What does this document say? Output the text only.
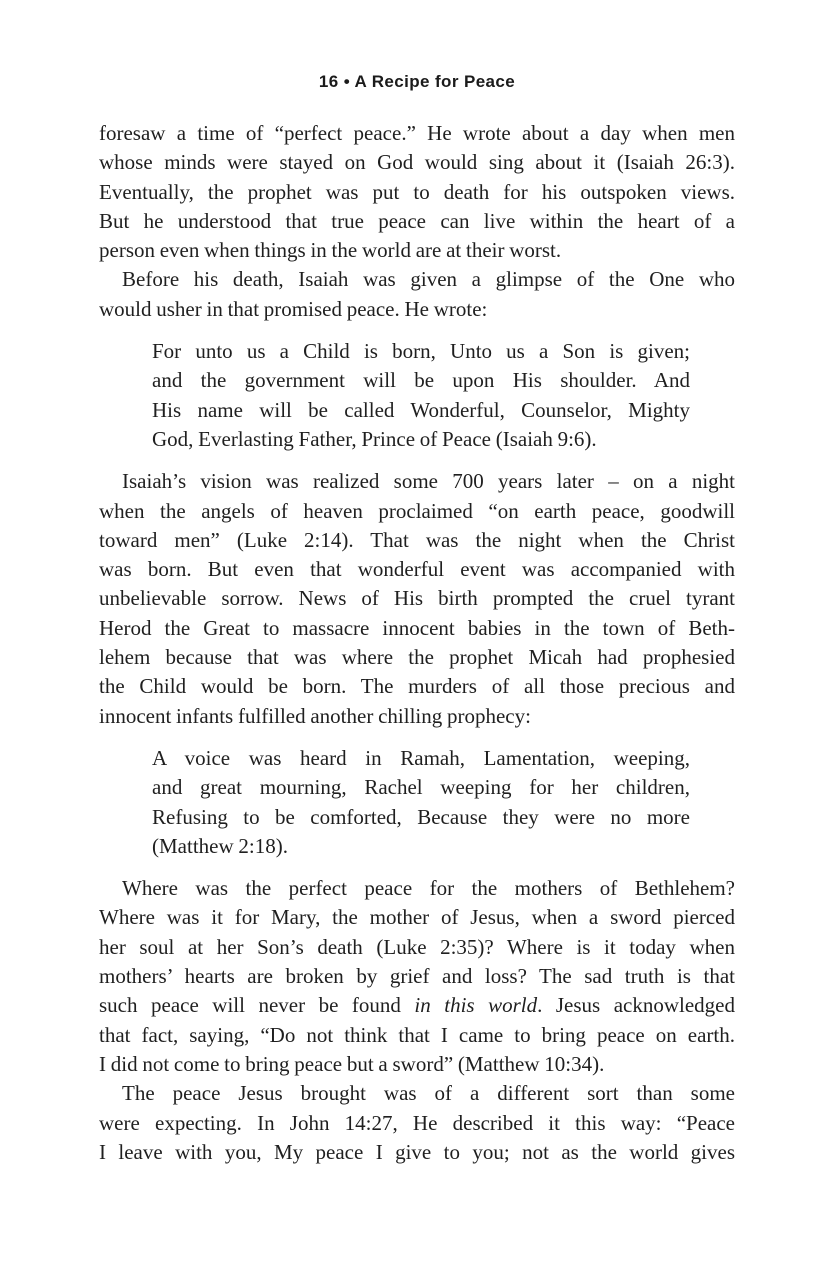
16 • A Recipe for Peace
foresaw a time of “perfect peace.” He wrote about a day when men
whose minds were stayed on God would sing about it (Isaiah 26:3).
Eventually, the prophet was put to death for his outspoken views.
But he understood that true peace can live within the heart of a
person even when things in the world are at their worst.
Before his death, Isaiah was given a glimpse of the One who
would usher in that promised peace. He wrote:
For unto us a Child is born, Unto us a Son is given;
and the government will be upon His shoulder. And
His name will be called Wonderful, Counselor, Mighty
God, Everlasting Father, Prince of Peace (Isaiah 9:6).
Isaiah’s vision was realized some 700 years later – on a night
when the angels of heaven proclaimed “on earth peace, goodwill
toward men” (Luke 2:14). That was the night when the Christ
was born. But even that wonderful event was accompanied with
unbelievable sorrow. News of His birth prompted the cruel tyrant
Herod the Great to massacre innocent babies in the town of Beth-
lehem because that was where the prophet Micah had prophesied
the Child would be born. The murders of all those precious and
innocent infants fulfilled another chilling prophecy:
A voice was heard in Ramah, Lamentation, weeping,
and great mourning, Rachel weeping for her children,
Refusing to be comforted, Because they were no more
(Matthew 2:18).
Where was the perfect peace for the mothers of Bethlehem?
Where was it for Mary, the mother of Jesus, when a sword pierced
her soul at her Son’s death (Luke 2:35)? Where is it today when
mothers’ hearts are broken by grief and loss? The sad truth is that
such peace will never be found in this world. Jesus acknowledged
that fact, saying, “Do not think that I came to bring peace on earth.
I did not come to bring peace but a sword” (Matthew 10:34).
The peace Jesus brought was of a different sort than some
were expecting. In John 14:27, He described it this way: “Peace
I leave with you, My peace I give to you; not as the world gives
